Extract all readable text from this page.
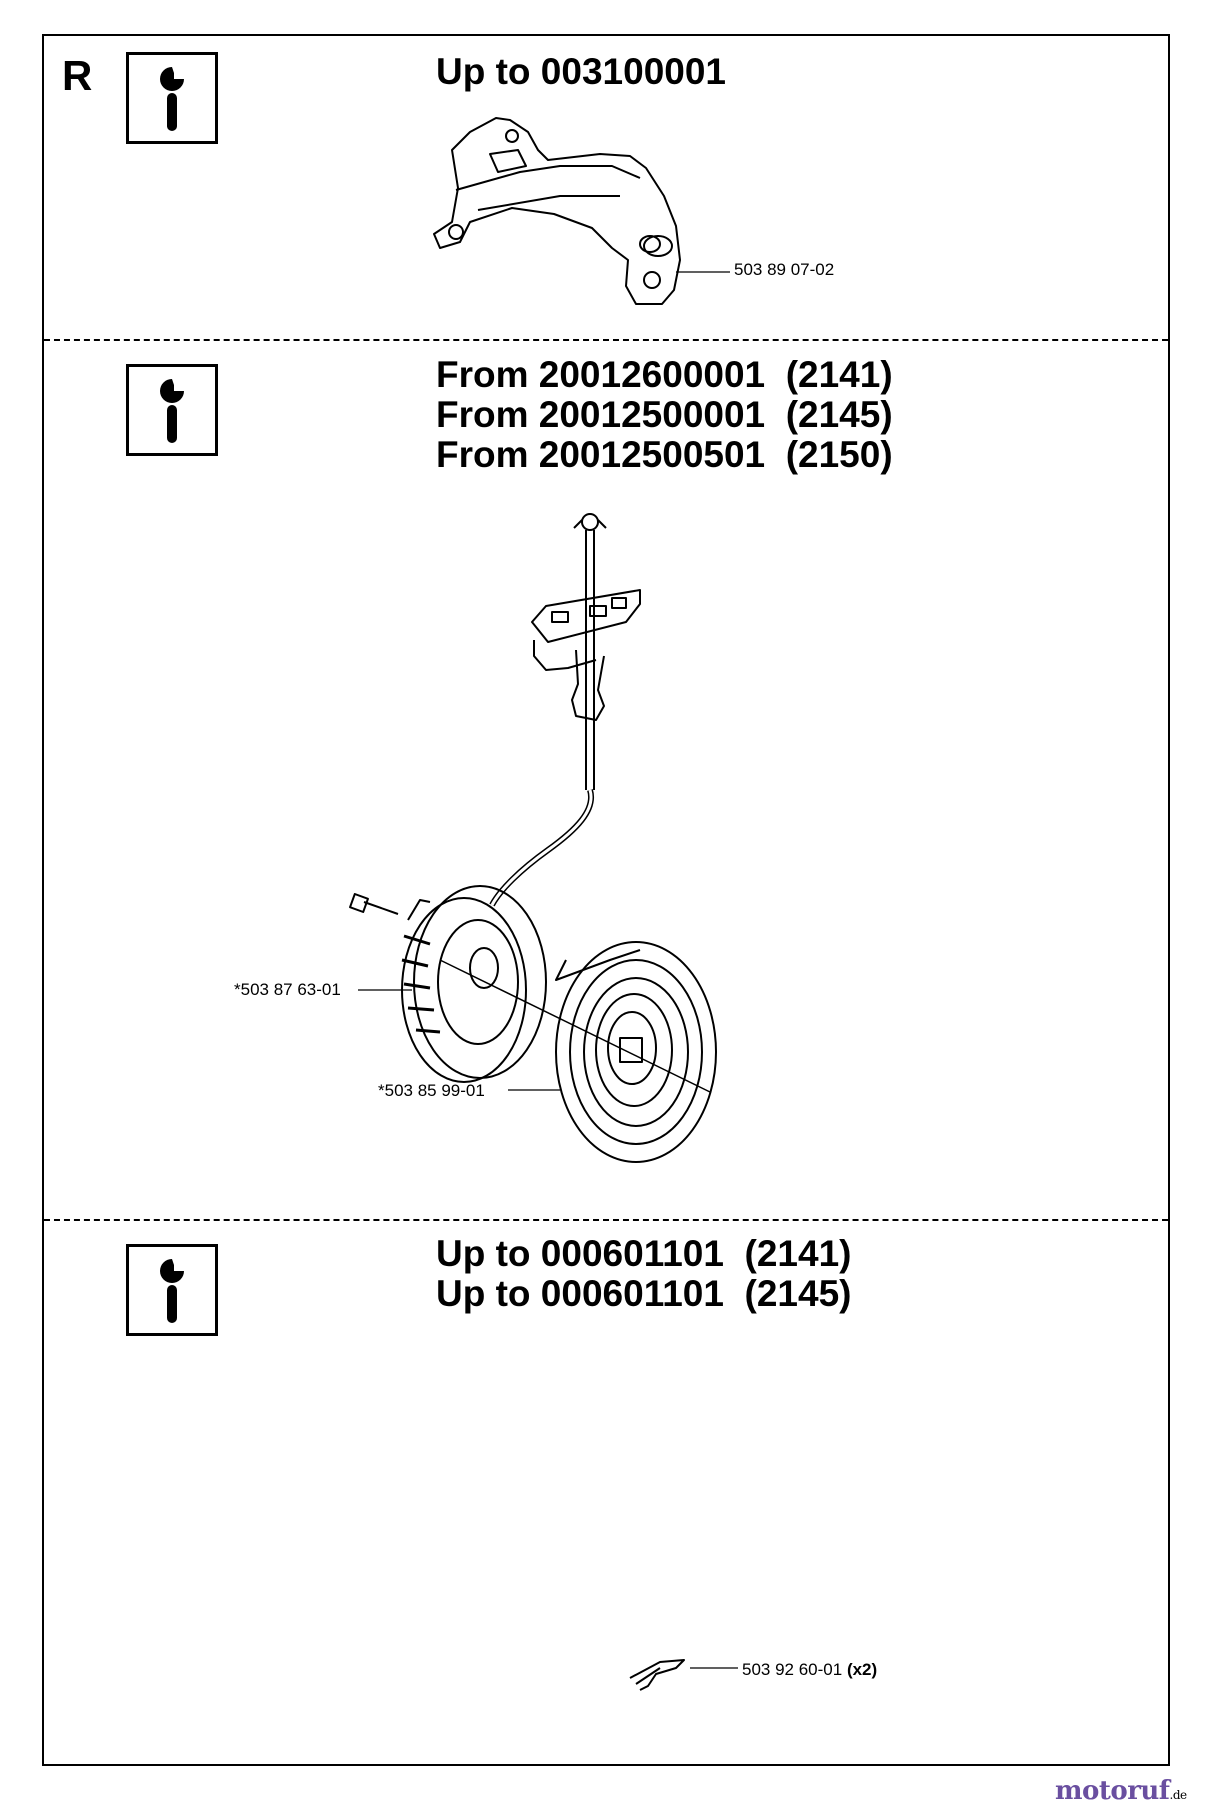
R	Up to 003100001
From 20012600001  (2141)
From 20012500001  (2145)
From 20012500501  (2150)
Up to 000601101  (2141)
Up to 000601101  (2145)
503 89 07-02
*503 87 63-01
*503 85 99-01
503 92 60-01 (x2)
motoruf.de
